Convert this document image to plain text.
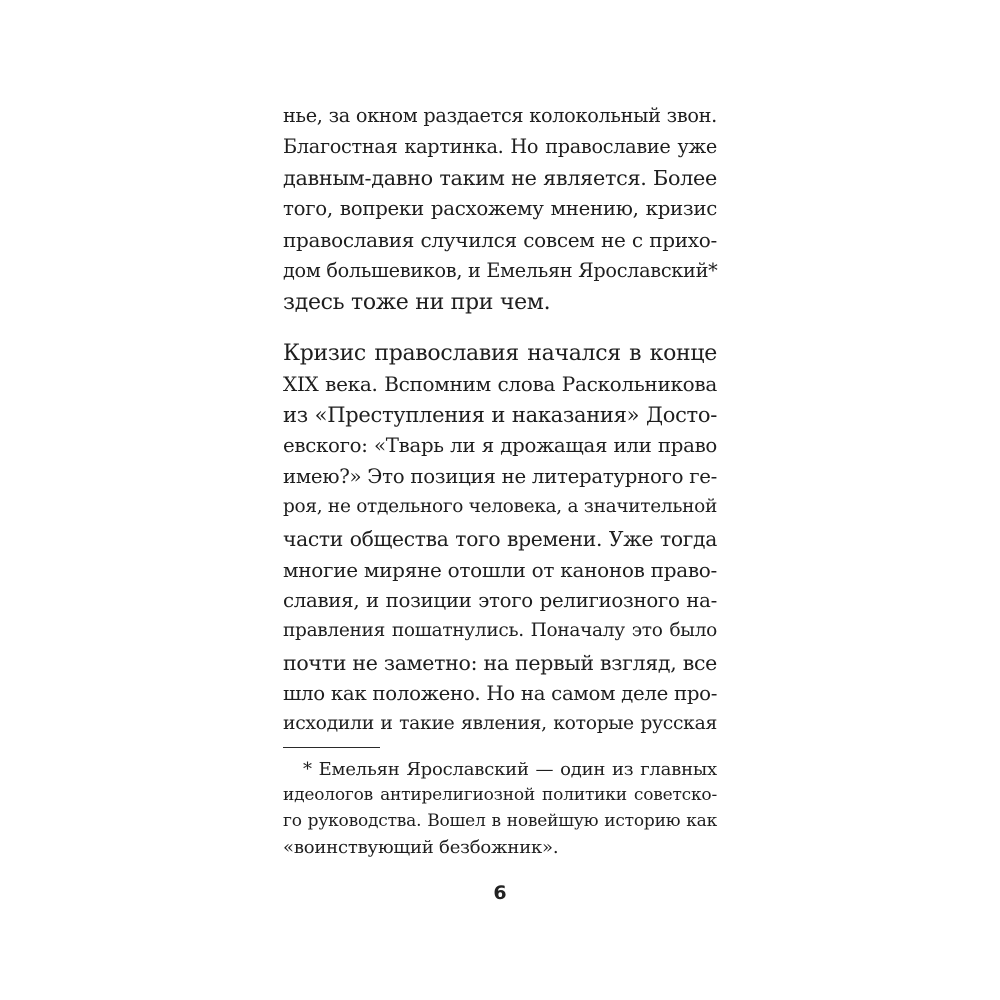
нье, за окном раздается колокольный звон.
Благостная картинка. Но православие уже
давным-давно таким не является. Более
того, вопреки расхожему мнению, кризис
православия случился совсем не с прихо-
дом большевиков, и Емельян Ярославский*
здесь тоже ни при чем.
Кризис православия начался в конце
XIX века. Вспомним слова Раскольникова
из «Преступления и наказания» Досто-
евского: «Тварь ли я дрожащая или право
имею?» Это позиция не литературного ге-
роя, не отдельного человека, а значительной
части общества того времени. Уже тогда
многие миряне отошли от канонов право-
славия, и позиции этого религиозного на-
правления пошатнулись. Поначалу это было
почти не заметно: на первый взгляд, все
шло как положено. Но на самом деле про-
исходили и такие явления, которые русская
* Емельян Ярославский — один из главных
идеологов антирелигиозной политики советско-
го руководства. Вошел в новейшую историю как
«воинствующий безбожник».
6
